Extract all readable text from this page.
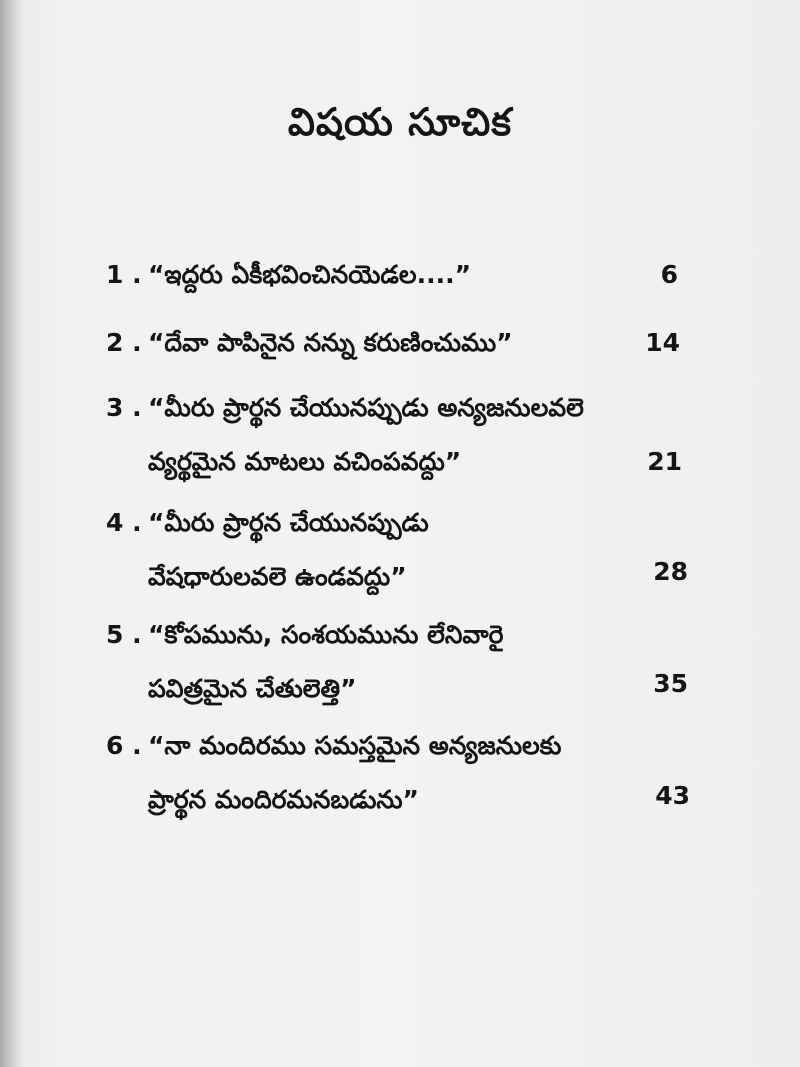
విషయ సూచిక
1 . “ఇద్దరు ఏకీభవించినయెడల....”	6
2 . “దేవా పాపినైన నన్ను కరుణించుము”	14
3 . “మీరు ప్రార్థన చేయునప్పుడు అన్యజనులవలె
వ్యర్థమైన మాటలు వచింపవద్దు”	21
4 . “మీరు ప్రార్థన చేయునప్పుడు
వేషధారులవలె ఉండవద్దు”	28
5 . “కోపమును, సంశయమును లేనివారై
పవిత్రమైన చేతులెత్తి”	35
6 . “నా మందిరము సమస్తమైన అన్యజనులకు
ప్రార్థన మందిరమనబడును”	43
